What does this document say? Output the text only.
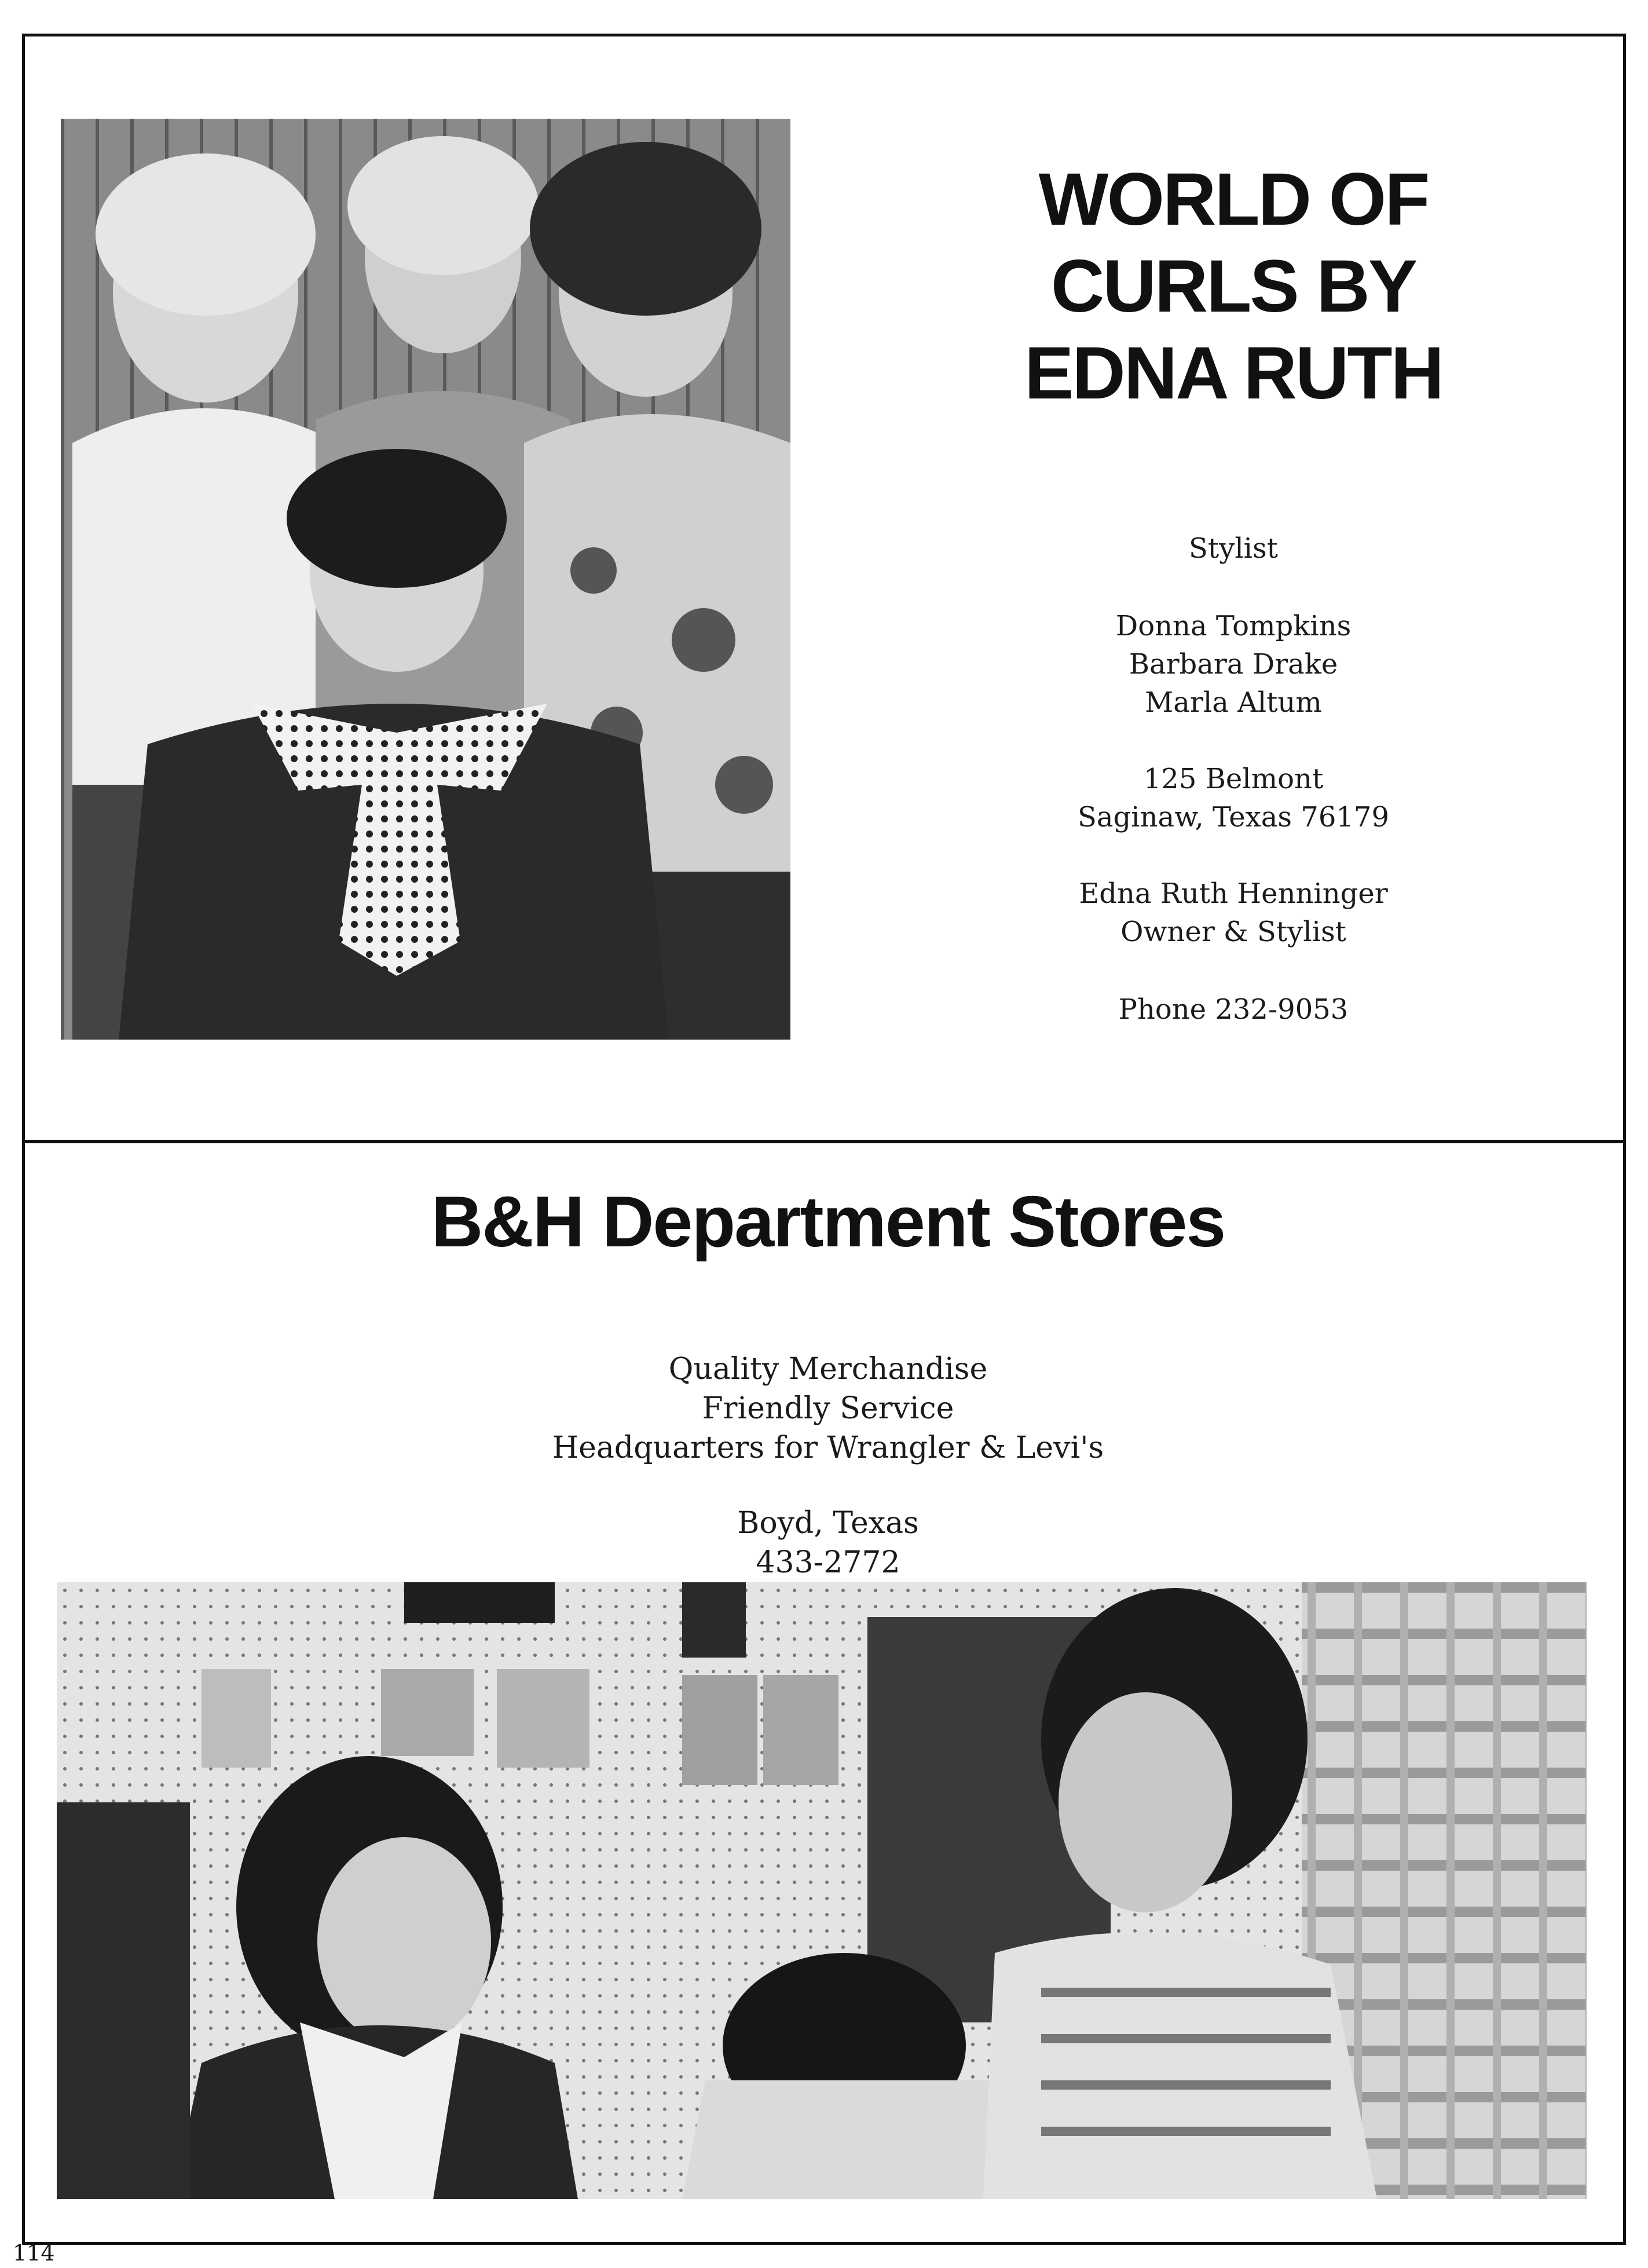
WORLD OF
CURLS BY
EDNA RUTH
Stylist
Donna Tompkins
Barbara Drake
Marla Altum
125 Belmont
Saginaw, Texas 76179
Edna Ruth Henninger
Owner & Stylist
Phone 232-9053
B&H Department Stores
Quality Merchandise
Friendly Service
Headquarters for Wrangler & Levi's
Boyd, Texas
433-2772
114
